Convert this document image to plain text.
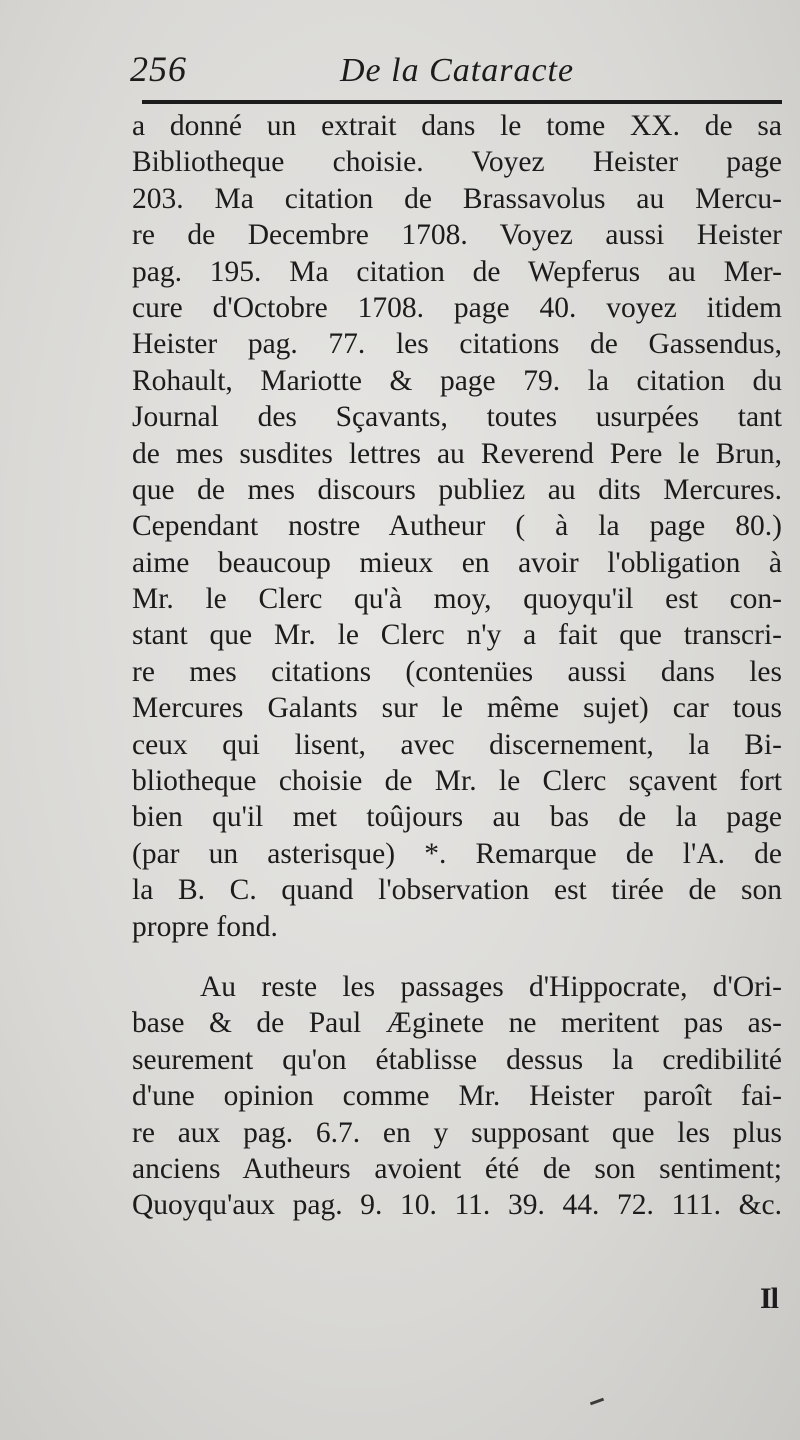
256	De la Cataracte
a donné un extrait dans le tome XX. de sa
Bibliotheque choisie. Voyez Heister page
203. Ma citation de Brassavolus au Mercu-
re de Decembre 1708. Voyez aussi Heister
pag. 195. Ma citation de Wepferus au Mer-
cure d'Octobre 1708. page 40. voyez itidem
Heister pag. 77. les citations de Gassendus,
Rohault, Mariotte & page 79. la citation du
Journal des Sçavants, toutes usurpées tant
de mes susdites lettres au Reverend Pere le Brun,
que de mes discours publiez au dits Mercures.
Cependant nostre Autheur ( à la page 80.)
aime beaucoup mieux en avoir l'obligation à
Mr. le Clerc qu'à moy, quoyqu'il est con-
stant que Mr. le Clerc n'y a fait que transcri-
re mes citations (contenües aussi dans les
Mercures Galants sur le même sujet) car tous
ceux qui lisent, avec discernement, la Bi-
bliotheque choisie de Mr. le Clerc sçavent fort
bien qu'il met toûjours au bas de la page
(par un asterisque) *. Remarque de l'A. de
la B. C. quand l'observation est tirée de son
propre fond.
Au reste les passages d'Hippocrate, d'Ori-
base & de Paul Æginete ne meritent pas as-
seurement qu'on établisse dessus la credibilité
d'une opinion comme Mr. Heister paroît fai-
re aux pag. 6.7. en y supposant que les plus
anciens Autheurs avoient été de son sentiment;
Quoyqu'aux pag. 9. 10. 11. 39. 44. 72. 111. &c.
Il
